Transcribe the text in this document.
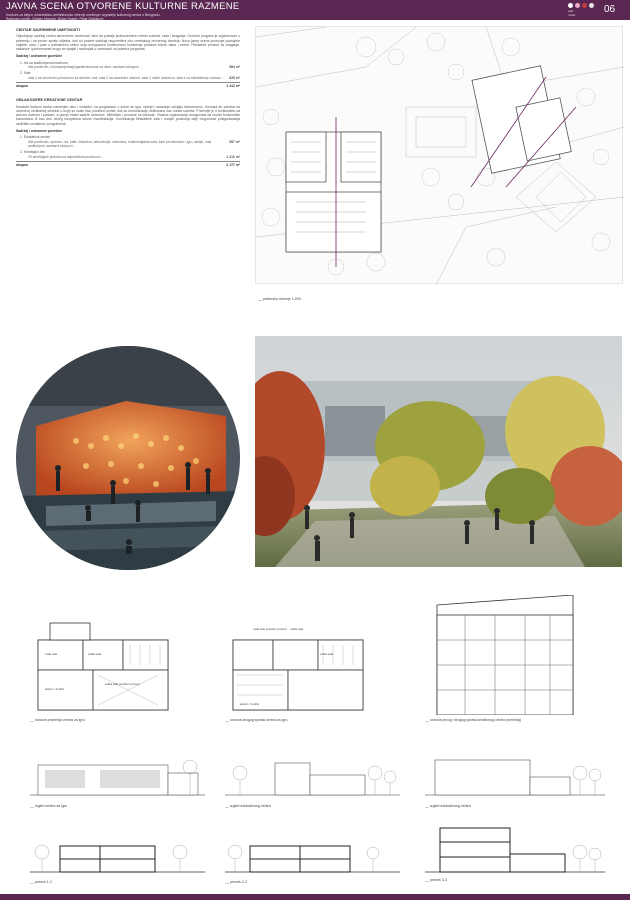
JAVNA SCENA OTVORENE KULTURNE RAZMENE
Konkurs za idejno urbanističko-arhitektonsko rešenje uređenja i izgradnje kulturnog centra u Beogradu
Radovan Lovšin, Ognjen Marović, Bojan Spasić, Petar Drašković
ulaz
i izlaz	06
CENTAR SAVREMENE UMETNOSTI
Objedinjuje sadržaj centra savremene umetnosti, tako da postaje jednovremeno mesto susreta, rada i izlaganja. Osnovni program je organizovan u prizemlju i na prvom spratu objekta, dok su prateći sadržaji raspoređeni oko centralnog otvorenog dvorišta. Nova javna scena povezuje postojeće objekte, ulicu i park u jedinstvenu celinu koja omogućava kontinuirano korišćenje prostora tokom dana i večeri. Fleksibilni prostori za izlaganje, radionice i performanse mogu se spajati i razdvajati u zavisnosti od potreba programa.
Sadržaj / ostvarene površine
1. hol sa auditorijumom/scenom
hila pozitivnih, informacije/foaje/garderobe/ulaz sa ulice, sanitarni sklopovi, ...	584 m²
2. Sale
sala 1 sa otvorenim prostorom za izložbe i rad; sala 2 sa zasebnim ulazom, sala 3 malih radionica, sala 4 za skladištenje radova; ... 828 m²
ukupno	1 412 m²
OBLAKODERE KREATIVNE CENTAR
Kreativni kulturni centar namenjen deci i omladini, sa programom u kome se igra, učenje i stvaranje odvijaju istovremeno. Koncept se zasniva na otvorenoj vertikalnoj strukturi u kojoj se svaki nivo posebno koristi, dok su komunikacije oblikovane kao mesta susreta. Prizemlje je u kontinuitetu sa javnom scenom i parkom, a gornje etaže sadrže radionice, biblioteku i prostore za boravak. Ovakva organizacija omogućava da centar funkcioniše samostalno ili kao deo većeg kompleksa tokom manifestacija. Kombinacija fleksibilnih sala i manjih prostorija daje mogućnost prilagođavanja različitim uzrastima i programima.
Sadržaj / ostvarene površine
1. Edukativni centar
hila pozitivnih, opreme, hol, kafe, čitaonica, laboratorije, radionica, multimedijalna sala, sale za radionice i igru, ateljei, mali auditorijum, sanitarni sklopovi ...
987 m²
2. Smeštajni deo
25 smeštajnih jedinica sa zajedničkim prostorom ...	1 310 m²
ukupno	2 177 m²
__ partersko rešenje 1:200
mala sala	velika sala
atrijum / hodnik
velika sala (sunčani prostor)
__ osnova prizemlja centra za igru
mala sala (sunčani prostor) velika sala
atrijum / hodnik
velika sala
__ osnova drugog sprata centra za igru	__ osnova prvog i drugog sprata kreativnog centra (smeštaj)
__ izgled centra za igru	__ izgled edukativnog centra	__ izgled edukativnog centra
__ presek 1-1	__ presek 2-2	__ presek 3-3
